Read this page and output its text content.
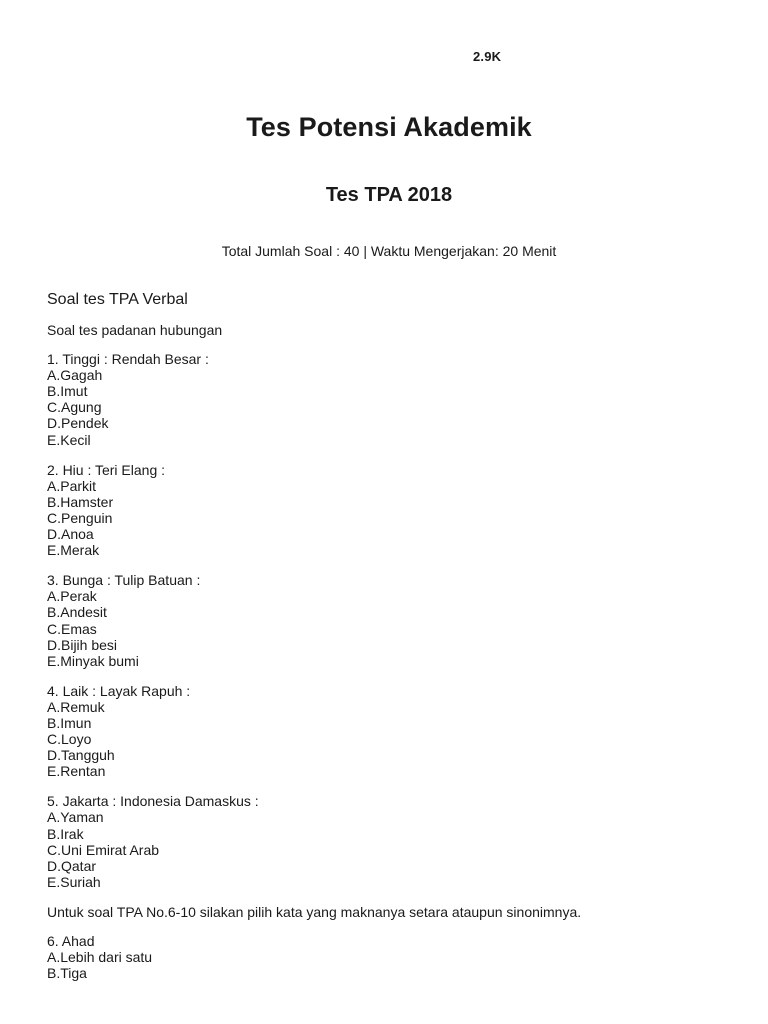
2.9K
Tes Potensi Akademik
Tes TPA 2018

Total Jumlah Soal : 40 | Waktu Mengerjakan: 20 Menit

Soal tes TPA Verbal

Soal tes padanan hubungan

1. Tinggi : Rendah Besar :
A.Gagah
B.Imut
C.Agung
D.Pendek
E.Kecil
2. Hiu : Teri Elang :
A.Parkit
B.Hamster
C.Penguin
D.Anoa
E.Merak
3. Bunga : Tulip Batuan :
A.Perak
B.Andesit
C.Emas
D.Bijih besi
E.Minyak bumi
4. Laik : Layak Rapuh :
A.Remuk
B.Imun
C.Loyo
D.Tangguh
E.Rentan
5. Jakarta : Indonesia Damaskus :
A.Yaman
B.Irak
C.Uni Emirat Arab
D.Qatar
E.Suriah

Untuk soal TPA No.6-10 silakan pilih kata yang maknanya setara ataupun sinonimnya.

6. Ahad
A.Lebih dari satu
B.Tiga
